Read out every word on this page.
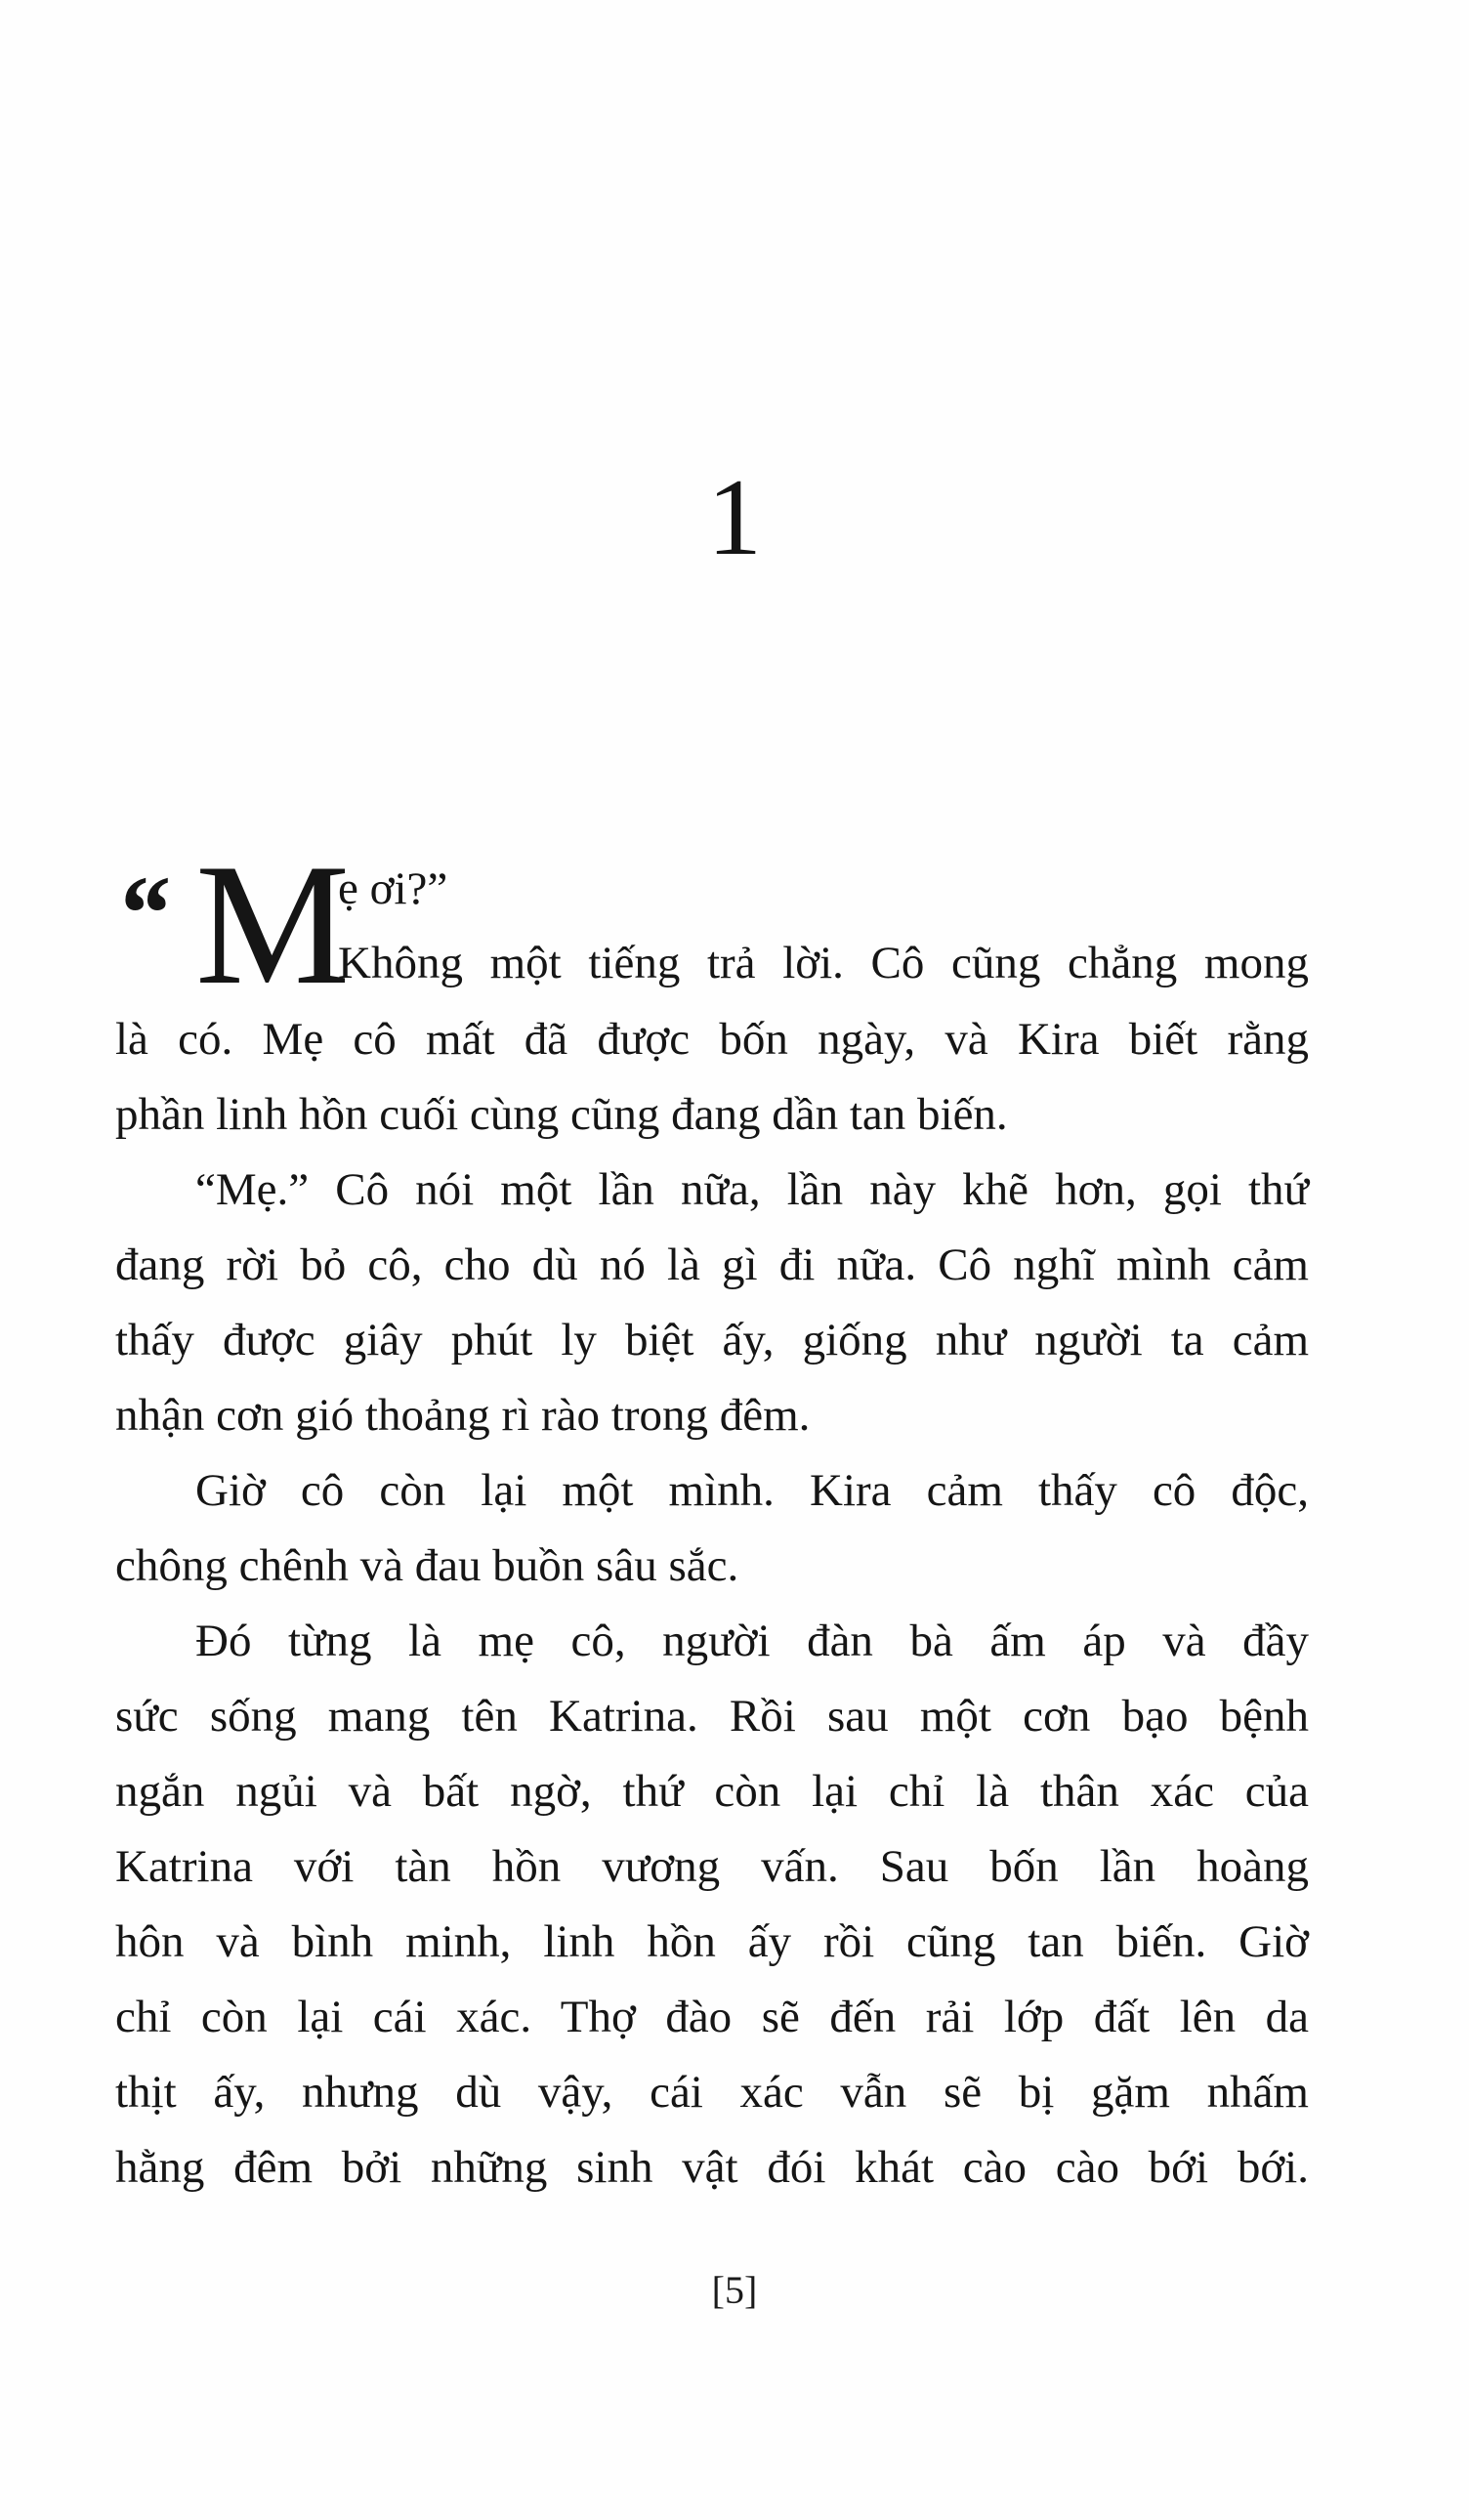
1
“ M
ẹ ơi?”
Không một tiếng trả lời. Cô cũng chẳng mong
là có. Mẹ cô mất đã được bốn ngày, và Kira biết rằng
phần linh hồn cuối cùng cũng đang dần tan biến.
“Mẹ.” Cô nói một lần nữa, lần này khẽ hơn, gọi thứ
đang rời bỏ cô, cho dù nó là gì đi nữa. Cô nghĩ mình cảm
thấy được giây phút ly biệt ấy, giống như người ta cảm
nhận cơn gió thoảng rì rào trong đêm.
Giờ cô còn lại một mình. Kira cảm thấy cô độc,
chông chênh và đau buồn sâu sắc.
Đó từng là mẹ cô, người đàn bà ấm áp và đầy
sức sống mang tên Katrina. Rồi sau một cơn bạo bệnh
ngắn ngủi và bất ngờ, thứ còn lại chỉ là thân xác của
Katrina với tàn hồn vương vấn. Sau bốn lần hoàng
hôn và bình minh, linh hồn ấy rồi cũng tan biến. Giờ
chỉ còn lại cái xác. Thợ đào sẽ đến rải lớp đất lên da
thịt ấy, nhưng dù vậy, cái xác vẫn sẽ bị gặm nhấm
hằng đêm bởi những sinh vật đói khát cào cào bới bới.
[5]
